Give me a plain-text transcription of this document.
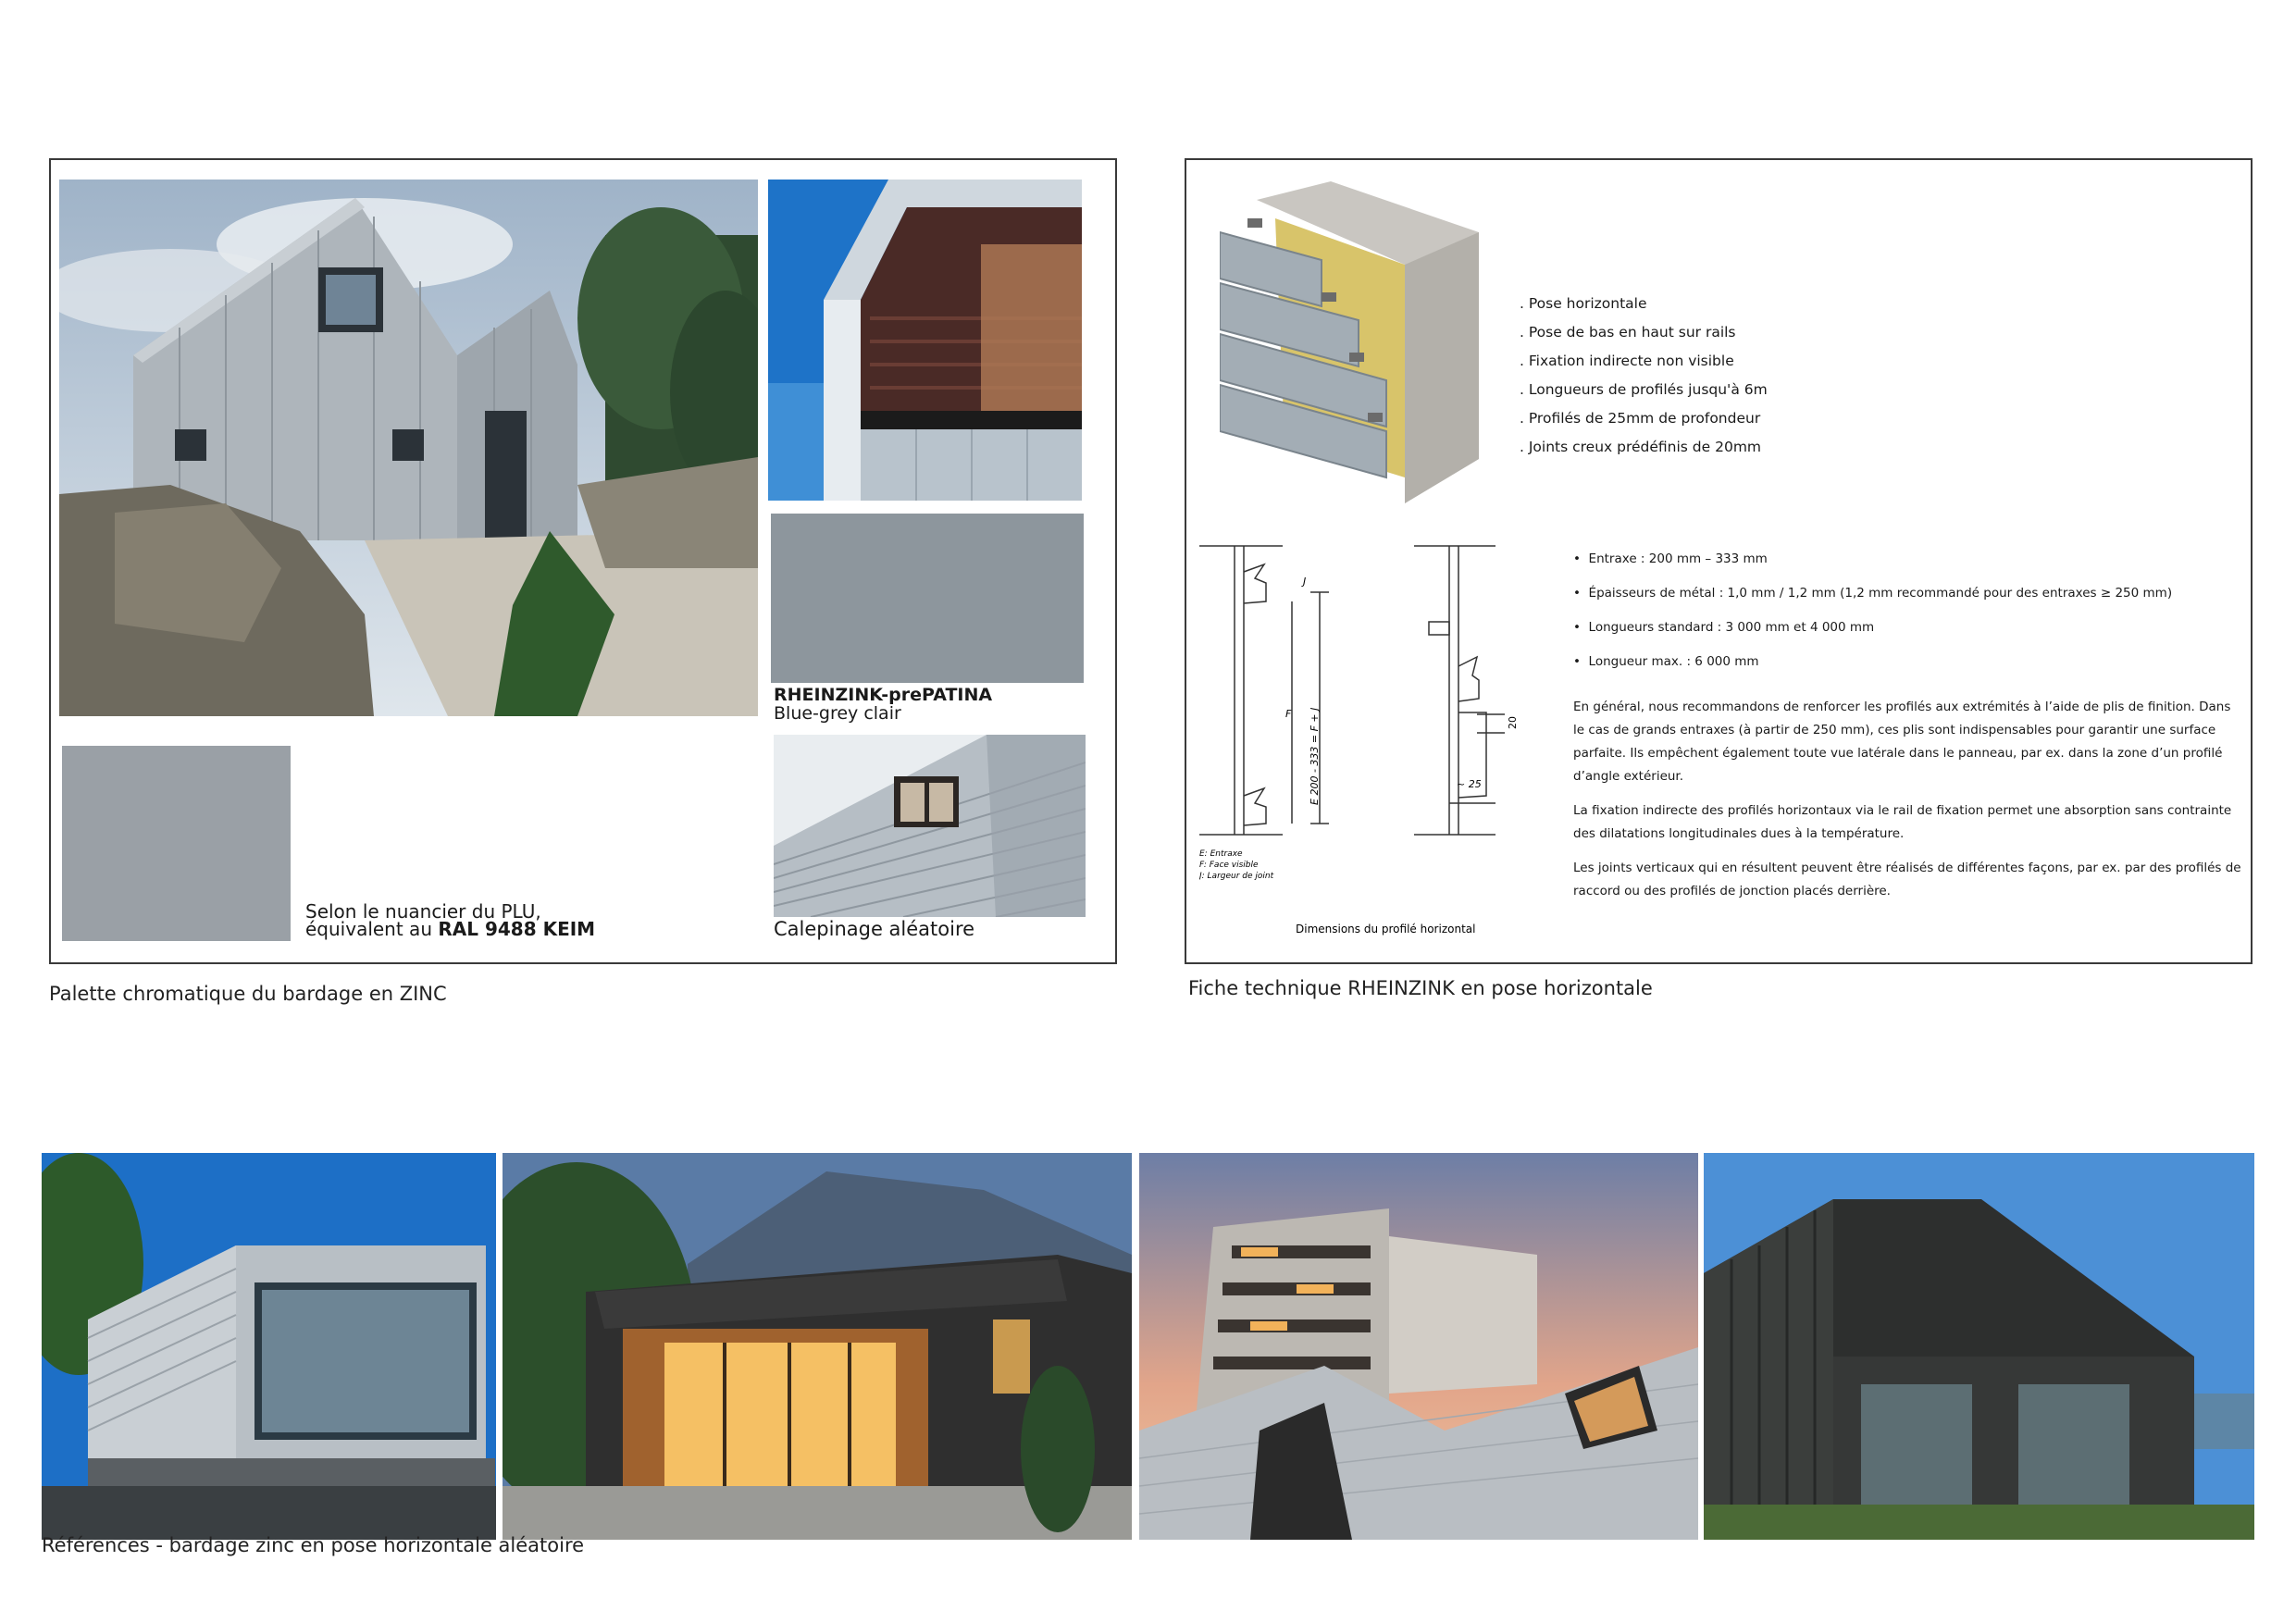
RHEINZINK-prePATINA
Blue-grey clair
Calepinage aléatoire
Selon le nuancier du PLU,
équivalent au RAL 9488 KEIM
Palette chromatique du bardage en ZINC
. Pose horizontale
. Pose de bas en haut sur rails
. Fixation indirecte non visible
. Longueurs de profilés jusqu'à 6m
. Profilés de 25mm de profondeur
. Joints creux prédéfinis de 20mm
F
J
E 200 - 333 = F + J	20
~ 25
E: Entraxe
F: Face visible
J: Largeur de joint
Dimensions du profilé horizontal
•  Entraxe : 200 mm – 333 mm
•  Épaisseurs de métal : 1,0 mm / 1,2 mm (1,2 mm recommandé pour des entraxes ≥ 250 mm)
•  Longueurs standard : 3 000 mm et 4 000 mm
•  Longueur max. : 6 000 mm
En général, nous recommandons de renforcer les profilés aux extrémités à l’aide de plis de finition. Dans le cas de grands entraxes (à partir de 250 mm), ces plis sont indispensables pour garantir une surface parfaite. Ils empêchent également toute vue latérale dans le panneau, par ex. dans la zone d’un profilé d’angle extérieur.
La fixation indirecte des profilés horizontaux via le rail de fixation permet une absorption sans contrainte des dilatations longitudinales dues à la température.
Les joints verticaux qui en résultent peuvent être réalisés de différentes façons, par ex. par des profilés de raccord ou des profilés de jonction placés derrière.
Fiche technique RHEINZINK en pose horizontale
Références - bardage zinc en pose horizontale aléatoire
